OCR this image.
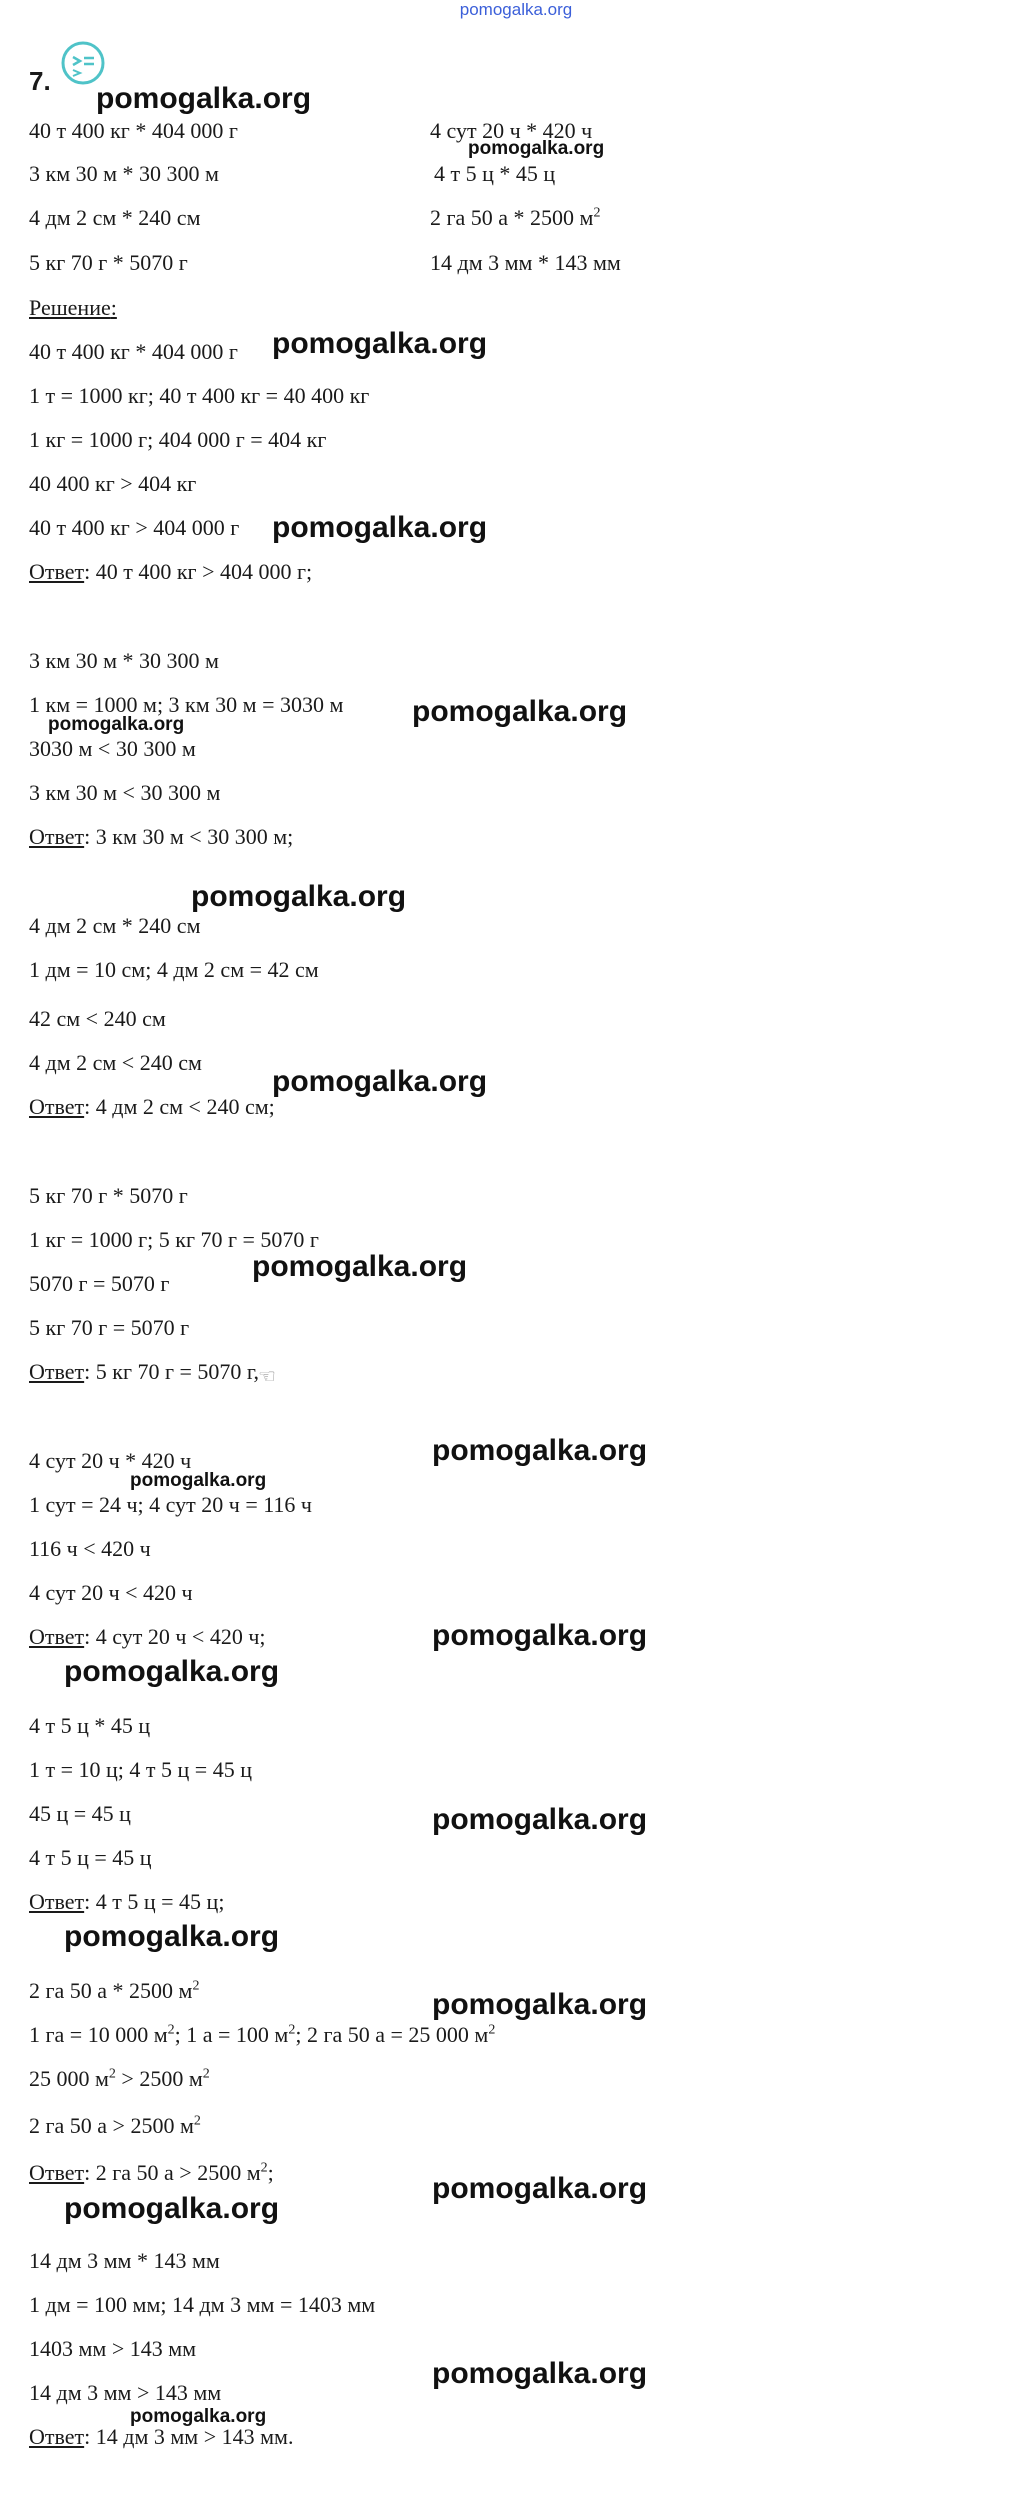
pomogalka.org
7.
40 т 400 кг * 404 000 г
3 км 30 м * 30 300 м
4 дм 2 см * 240 см
5 кг 70 г * 5070 г
4 сут 20 ч * 420 ч
4 т 5 ц * 45 ц
2 га 50 а * 2500 $м^2$
14 дм 3 мм * 143 мм
Решение:
40 т 400 кг * 404 000 г
1 т = 1000 кг; 40 т 400 кг = 40 400 кг
1 кг = 1000 г; 404 000 г = 404 кг
40 400 кг > 404 кг
40 т 400 кг > 404 000 г
Ответ: 40 т 400 кг > 404 000 г;
3 км 30 м * 30 300 м
1 км = 1000 м; 3 км 30 м = 3030 м
3030 м < 30 300 м
3 км 30 м < 30 300 м
Ответ: 3 км 30 м < 30 300 м;
4 дм 2 см * 240 см
1 дм = 10 см; 4 дм 2 см = 42 см
42 см < 240 см
4 дм 2 см < 240 см
Ответ: 4 дм 2 см < 240 см;
5 кг 70 г * 5070 г
1 кг = 1000 г; 5 кг 70 г = 5070 г
5070 г = 5070 г
5 кг 70 г = 5070 г
Ответ: 5 кг 70 г = 5070 г, ☜
4 сут 20 ч * 420 ч
1 сут = 24 ч; 4 сут 20 ч = 116 ч
116 ч < 420 ч
4 сут 20 ч < 420 ч
Ответ: 4 сут 20 ч < 420 ч;
4 т 5 ц * 45 ц
1 т = 10 ц; 4 т 5 ц = 45 ц
45 ц = 45 ц
4 т 5 ц = 45 ц
Ответ: 4 т 5 ц = 45 ц;
2 га 50 а * 2500 $м^2$
1 га = 10 000 $м^2$; 1 а = 100 $м^2$; 2 га 50 а = 25 000 $м^2$
25 000 $м^2 > 2500$ $м^2$
2 га 50 а > 2500 $м^2$
Ответ: 2 га 50 а > 2500 $м^2$;
14 дм 3 мм * 143 мм
1 дм = 100 мм; 14 дм 3 мм = 1403 мм
1403 мм > 143 мм
14 дм 3 мм > 143 мм
Ответ: 14 дм 3 мм > 143 мм.
pomogalka.org
pomogalka.org
pomogalka.org
pomogalka.org
pomogalka.org
pomogalka.org
pomogalka.org
pomogalka.org
pomogalka.org
pomogalka.org
pomogalka.org
pomogalka.org
pomogalka.org
pomogalka.org
pomogalka.org
pomogalka.org
pomogalka.org
pomogalka.org
pomogalka.org
pomogalka.org
